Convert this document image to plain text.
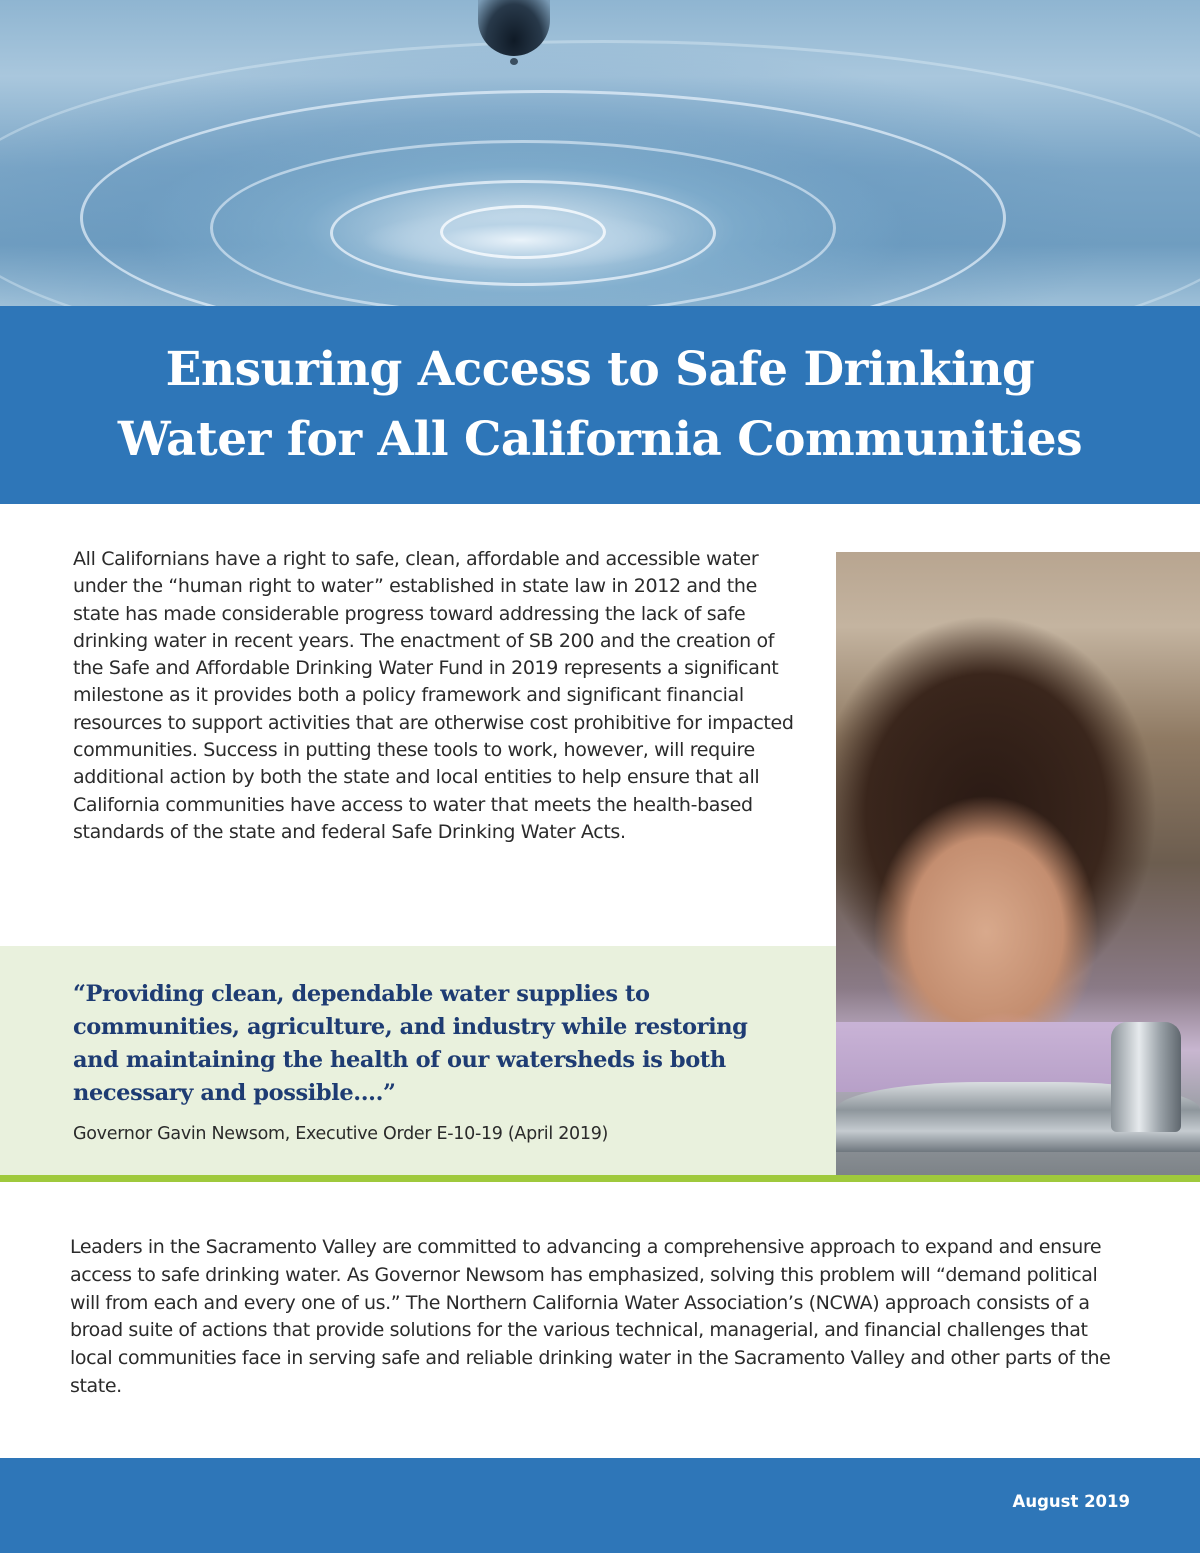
Ensuring Access to Safe Drinking
Water for All California Communities

All Californians have a right to safe, clean, affordable and accessible water under the “human right to water” established in state law in 2012 and the state has made considerable progress toward addressing the lack of safe drinking water in recent years. The enactment of SB 200 and the creation of the Safe and Affordable Drinking Water Fund in 2019 represents a significant milestone as it provides both a policy framework and significant financial resources to support activities that are otherwise cost prohibitive for impacted communities. Success in putting these tools to work, however, will require additional action by both the state and local entities to help ensure that all California communities have access to water that meets the health-based standards of the state and federal Safe Drinking Water Acts.

“Providing clean, dependable water supplies to communities, agriculture, and industry while restoring and maintaining the health of our watersheds is both necessary and possible....”

Governor Gavin Newsom, Executive Order E-10-19 (April 2019)

Leaders in the Sacramento Valley are committed to advancing a comprehensive approach to expand and ensure access to safe drinking water. As Governor Newsom has emphasized, solving this problem will “demand political will from each and every one of us.” The Northern California Water Association’s (NCWA) approach consists of a broad suite of actions that provide solutions for the various technical, managerial, and financial challenges that local communities face in serving safe and reliable drinking water in the Sacramento Valley and other parts of the state.

August 2019
